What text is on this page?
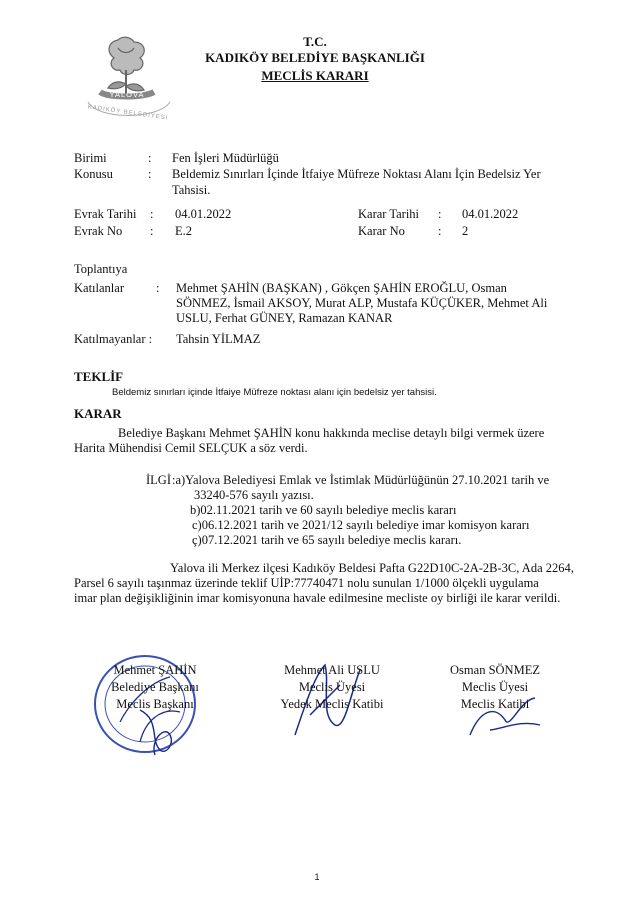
YALOVA
KADIKÖY BELEDİYESİ
T.C.
KADIKÖY BELEDİYE BAŞKANLIĞI
MECLİS KARARI
Birimi	: Fen İşleri Müdürlüğü
Konusu	: Beldemiz Sınırları İçinde İtfaiye Müfreze Noktası Alanı İçin Bedelsiz Yer
Tahsisi.
Evrak Tarihi : 04.01.2022	Karar Tarihi : 04.01.2022
Evrak No : E.2	Karar No	: 2
Toplantıya
Katılanlar	: Mehmet ŞAHİN (BAŞKAN) , Gökçen ŞAHİN EROĞLU, Osman
SÖNMEZ, İsmail AKSOY, Murat ALP, Mustafa KÜÇÜKER, Mehmet Ali
USLU, Ferhat GÜNEY, Ramazan KANAR
Katılmayanlar : Tahsin YİLMAZ
TEKLİF
Beldemiz sınırları içinde İtfaiye Müfreze noktası alanı için bedelsiz yer tahsisi.
KARAR
Belediye Başkanı Mehmet ŞAHİN konu hakkında meclise detaylı bilgi vermek üzere
Harita Mühendisi Cemil SELÇUK a söz verdi.
İLGİ :a)Yalova Belediyesi Emlak ve İstimlak Müdürlüğünün 27.10.2021 tarih ve
33240-576 sayılı yazısı.
b)02.11.2021 tarih ve 60 sayılı belediye meclis kararı
c)06.12.2021 tarih ve 2021/12 sayılı belediye imar komisyon kararı
ç)07.12.2021 tarih ve 65 sayılı belediye meclis kararı.
Yalova ili Merkez ilçesi Kadıköy Beldesi Pafta G22D10C-2A-2B-3C, Ada 2264,
Parsel 6 sayılı taşınmaz üzerinde teklif UİP:77740471 nolu sunulan 1/1000 ölçekli uygulama
imar plan değişikliğinin imar komisyonuna havale edilmesine mecliste oy birliği ile karar verildi.
Mehmet ŞAHİN
Belediye Başkanı
Meclis Başkanı
Mehmet Ali USLU
Meclis Üyesi
Yedek Meclis Katibi
Osman SÖNMEZ
Meclis Üyesi
Meclis Katibi
1
